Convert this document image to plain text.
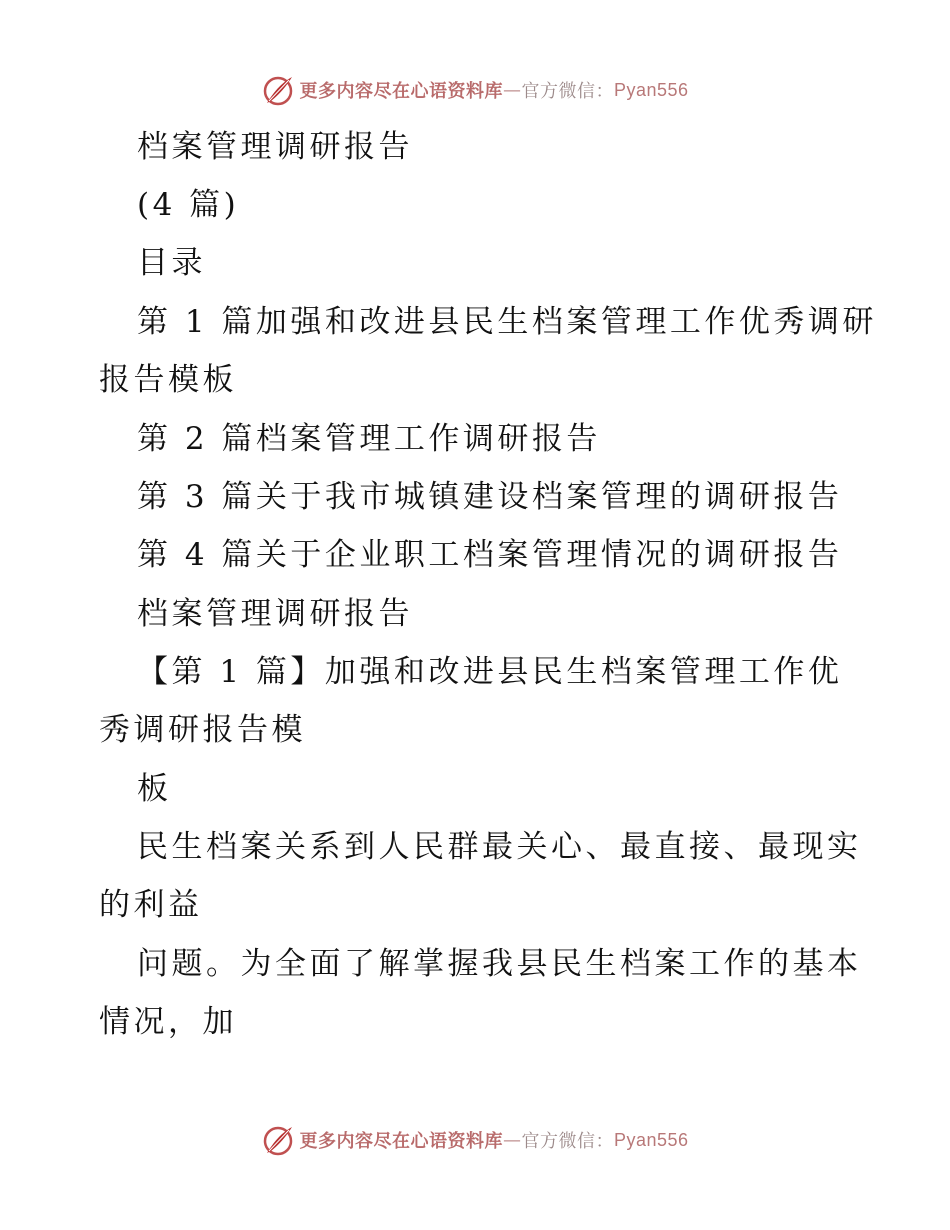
更多内容尽在心语资料库 — 官方微信： Pyan556
档案管理调研报告
(4 篇)
目录
第 1 篇加强和改进县民生档案管理工作优秀调研
报告模板
第 2 篇档案管理工作调研报告
第 3 篇关于我市城镇建设档案管理的调研报告
第 4 篇关于企业职工档案管理情况的调研报告
档案管理调研报告
【第 1 篇】加强和改进县民生档案管理工作优
秀调研报告模
板
民生档案关系到人民群最关心、最直接、最现实
的利益
问题。为全面了解掌握我县民生档案工作的基本
情况，加
更多内容尽在心语资料库 — 官方微信： Pyan556
